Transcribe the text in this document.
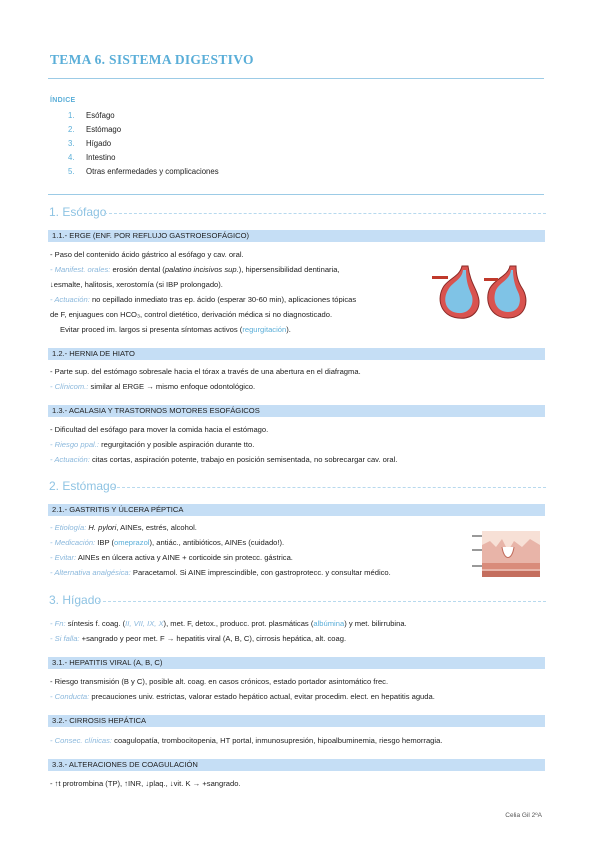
TEMA 6. SISTEMA DIGESTIVO
ÍNDICE
1. Esófago
2. Estómago
3. Hígado
4. Intestino
5. Otras enfermedades y complicaciones
1. Esófago
1.1.- ERGE (ENF. POR REFLUJO GASTROESOFÁGICO)
- Paso del contenido ácido gástrico al esófago y cav. oral.
- Manifest. orales: erosión dental (palatino incisivos sup.), hipersensibilidad dentinaria,
↓esmalte, halitosis, xerostomía (si IBP prolongado).
- Actuación: no cepillado inmediato tras ep. ácido (esperar 30-60 min), aplicaciones tópicas
de F, enjuagues con HCO₃, control dietético, derivación médica si no diagnosticado.
Evitar proced im. largos si presenta síntomas activos (regurgitación).
1.2.- HERNIA DE HIATO
- Parte sup. del estómago sobresale hacia el tórax a través de una abertura en el diafragma.
- Clínicom.: similar al ERGE → mismo enfoque odontológico.
1.3.- ACALASIA Y TRASTORNOS MOTORES ESOFÁGICOS
- Dificultad del esófago para mover la comida hacia el estómago.
- Riesgo ppal.: regurgitación y posible aspiración durante tto.
- Actuación: citas cortas, aspiración potente, trabajo en posición semisentada, no sobrecargar cav. oral.
2. Estómago
2.1.- GASTRITIS Y ÚLCERA PÉPTICA
- Etiología: H. pylori, AINEs, estrés, alcohol.
- Medicación: IBP (omeprazol), antiác., antibióticos, AINEs (cuidado!).
- Evitar: AINEs en úlcera activa y AINE + corticoide sin protecc. gástrica.
- Alternativa analgésica: Paracetamol. Si AINE imprescindible, con gastroprotecc. y consultar médico.
3. Hígado
- Fn: síntesis f. coag. (II, VII, IX, X), met. F, detox., producc. prot. plasmáticas (albúmina) y met. bilirrubina.
- Si falla: +sangrado y peor met. F → hepatitis viral (A, B, C), cirrosis hepática, alt. coag.
3.1.- HEPATITIS VIRAL (A, B, C)
- Riesgo transmisión (B y C), posible alt. coag. en casos crónicos, estado portador asintomático frec.
- Conducta: precauciones univ. estrictas, valorar estado hepático actual, evitar procedim. elect. en hepatitis aguda.
3.2.- CIRROSIS HEPÁTICA
- Consec. clínicas: coagulopatía, trombocitopenia, HT portal, inmunosupresión, hipoalbuminemia, riesgo hemorragia.
3.3.- ALTERACIONES DE COAGULACIÓN
- ↑t protrombina (TP), ↑INR, ↓plaq., ↓vit. K → +sangrado.
Celia Gil 2ºA
